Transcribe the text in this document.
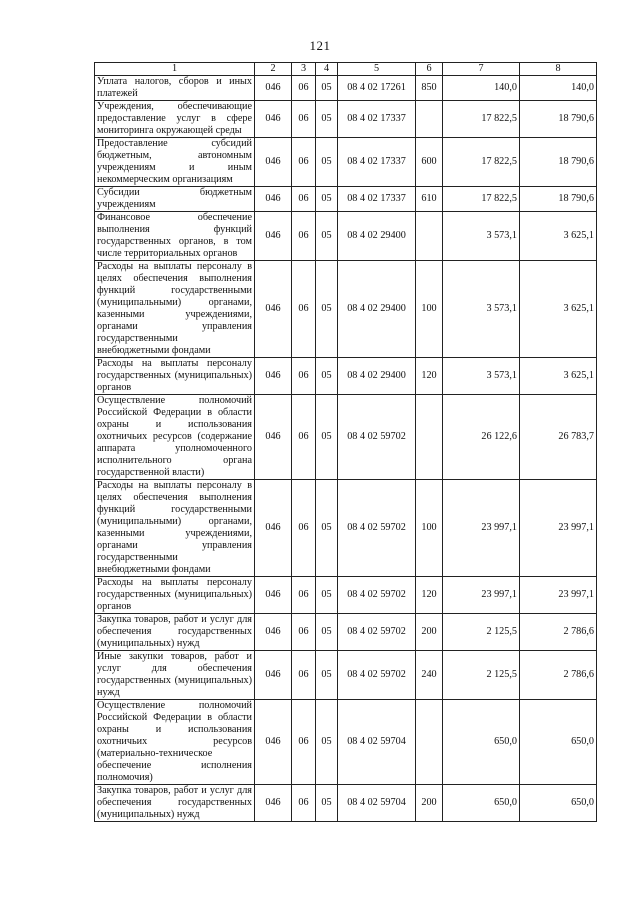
121
1	2	3	4	5	6	7	8
Уплата налогов, сборов и иных платежей	046	06	05	08 4 02 17261	850	140,0	140,0
Учреждения, обеспечивающие предоставление услуг в сфере мониторинга окружающей среды	046	06	05	08 4 02 17337		17 822,5	18 790,6
Предоставление субсидий бюджетным, автономным учреждениям и иным некоммерческим организациям	046	06	05	08 4 02 17337	600	17 822,5	18 790,6
Субсидии бюджетным учреждениям	046	06	05	08 4 02 17337	610	17 822,5	18 790,6
Финансовое обеспечение выполнения функций государственных органов, в том числе территориальных органов	046	06	05	08 4 02 29400		3 573,1	3 625,1
Расходы на выплаты персоналу в целях обеспечения выполнения функций государственными (муниципальными) органами, казенными учреждениями, органами управления государственными внебюджетными фондами	046	06	05	08 4 02 29400	100	3 573,1	3 625,1
Расходы на выплаты персоналу государственных (муниципальных) органов	046	06	05	08 4 02 29400	120	3 573,1	3 625,1
Осуществление полномочий Российской Федерации в области охраны и использования охотничьих ресурсов (содержание аппарата уполномоченного исполнительного органа государственной власти)	046	06	05	08 4 02 59702		26 122,6	26 783,7
Расходы на выплаты персоналу в целях обеспечения выполнения функций государственными (муниципальными) органами, казенными учреждениями, органами управления государственными внебюджетными фондами	046	06	05	08 4 02 59702	100	23 997,1	23 997,1
Расходы на выплаты персоналу государственных (муниципальных) органов	046	06	05	08 4 02 59702	120	23 997,1	23 997,1
Закупка товаров, работ и услуг для обеспечения государственных (муниципальных) нужд	046	06	05	08 4 02 59702	200	2 125,5	2 786,6
Иные закупки товаров, работ и услуг для обеспечения государственных (муниципальных) нужд	046	06	05	08 4 02 59702	240	2 125,5	2 786,6
Осуществление полномочий Российской Федерации в области охраны и использования охотничьих ресурсов (материально-техническое обеспечение исполнения полномочия)	046	06	05	08 4 02 59704		650,0	650,0
Закупка товаров, работ и услуг для обеспечения государственных (муниципальных) нужд	046	06	05	08 4 02 59704	200	650,0	650,0
